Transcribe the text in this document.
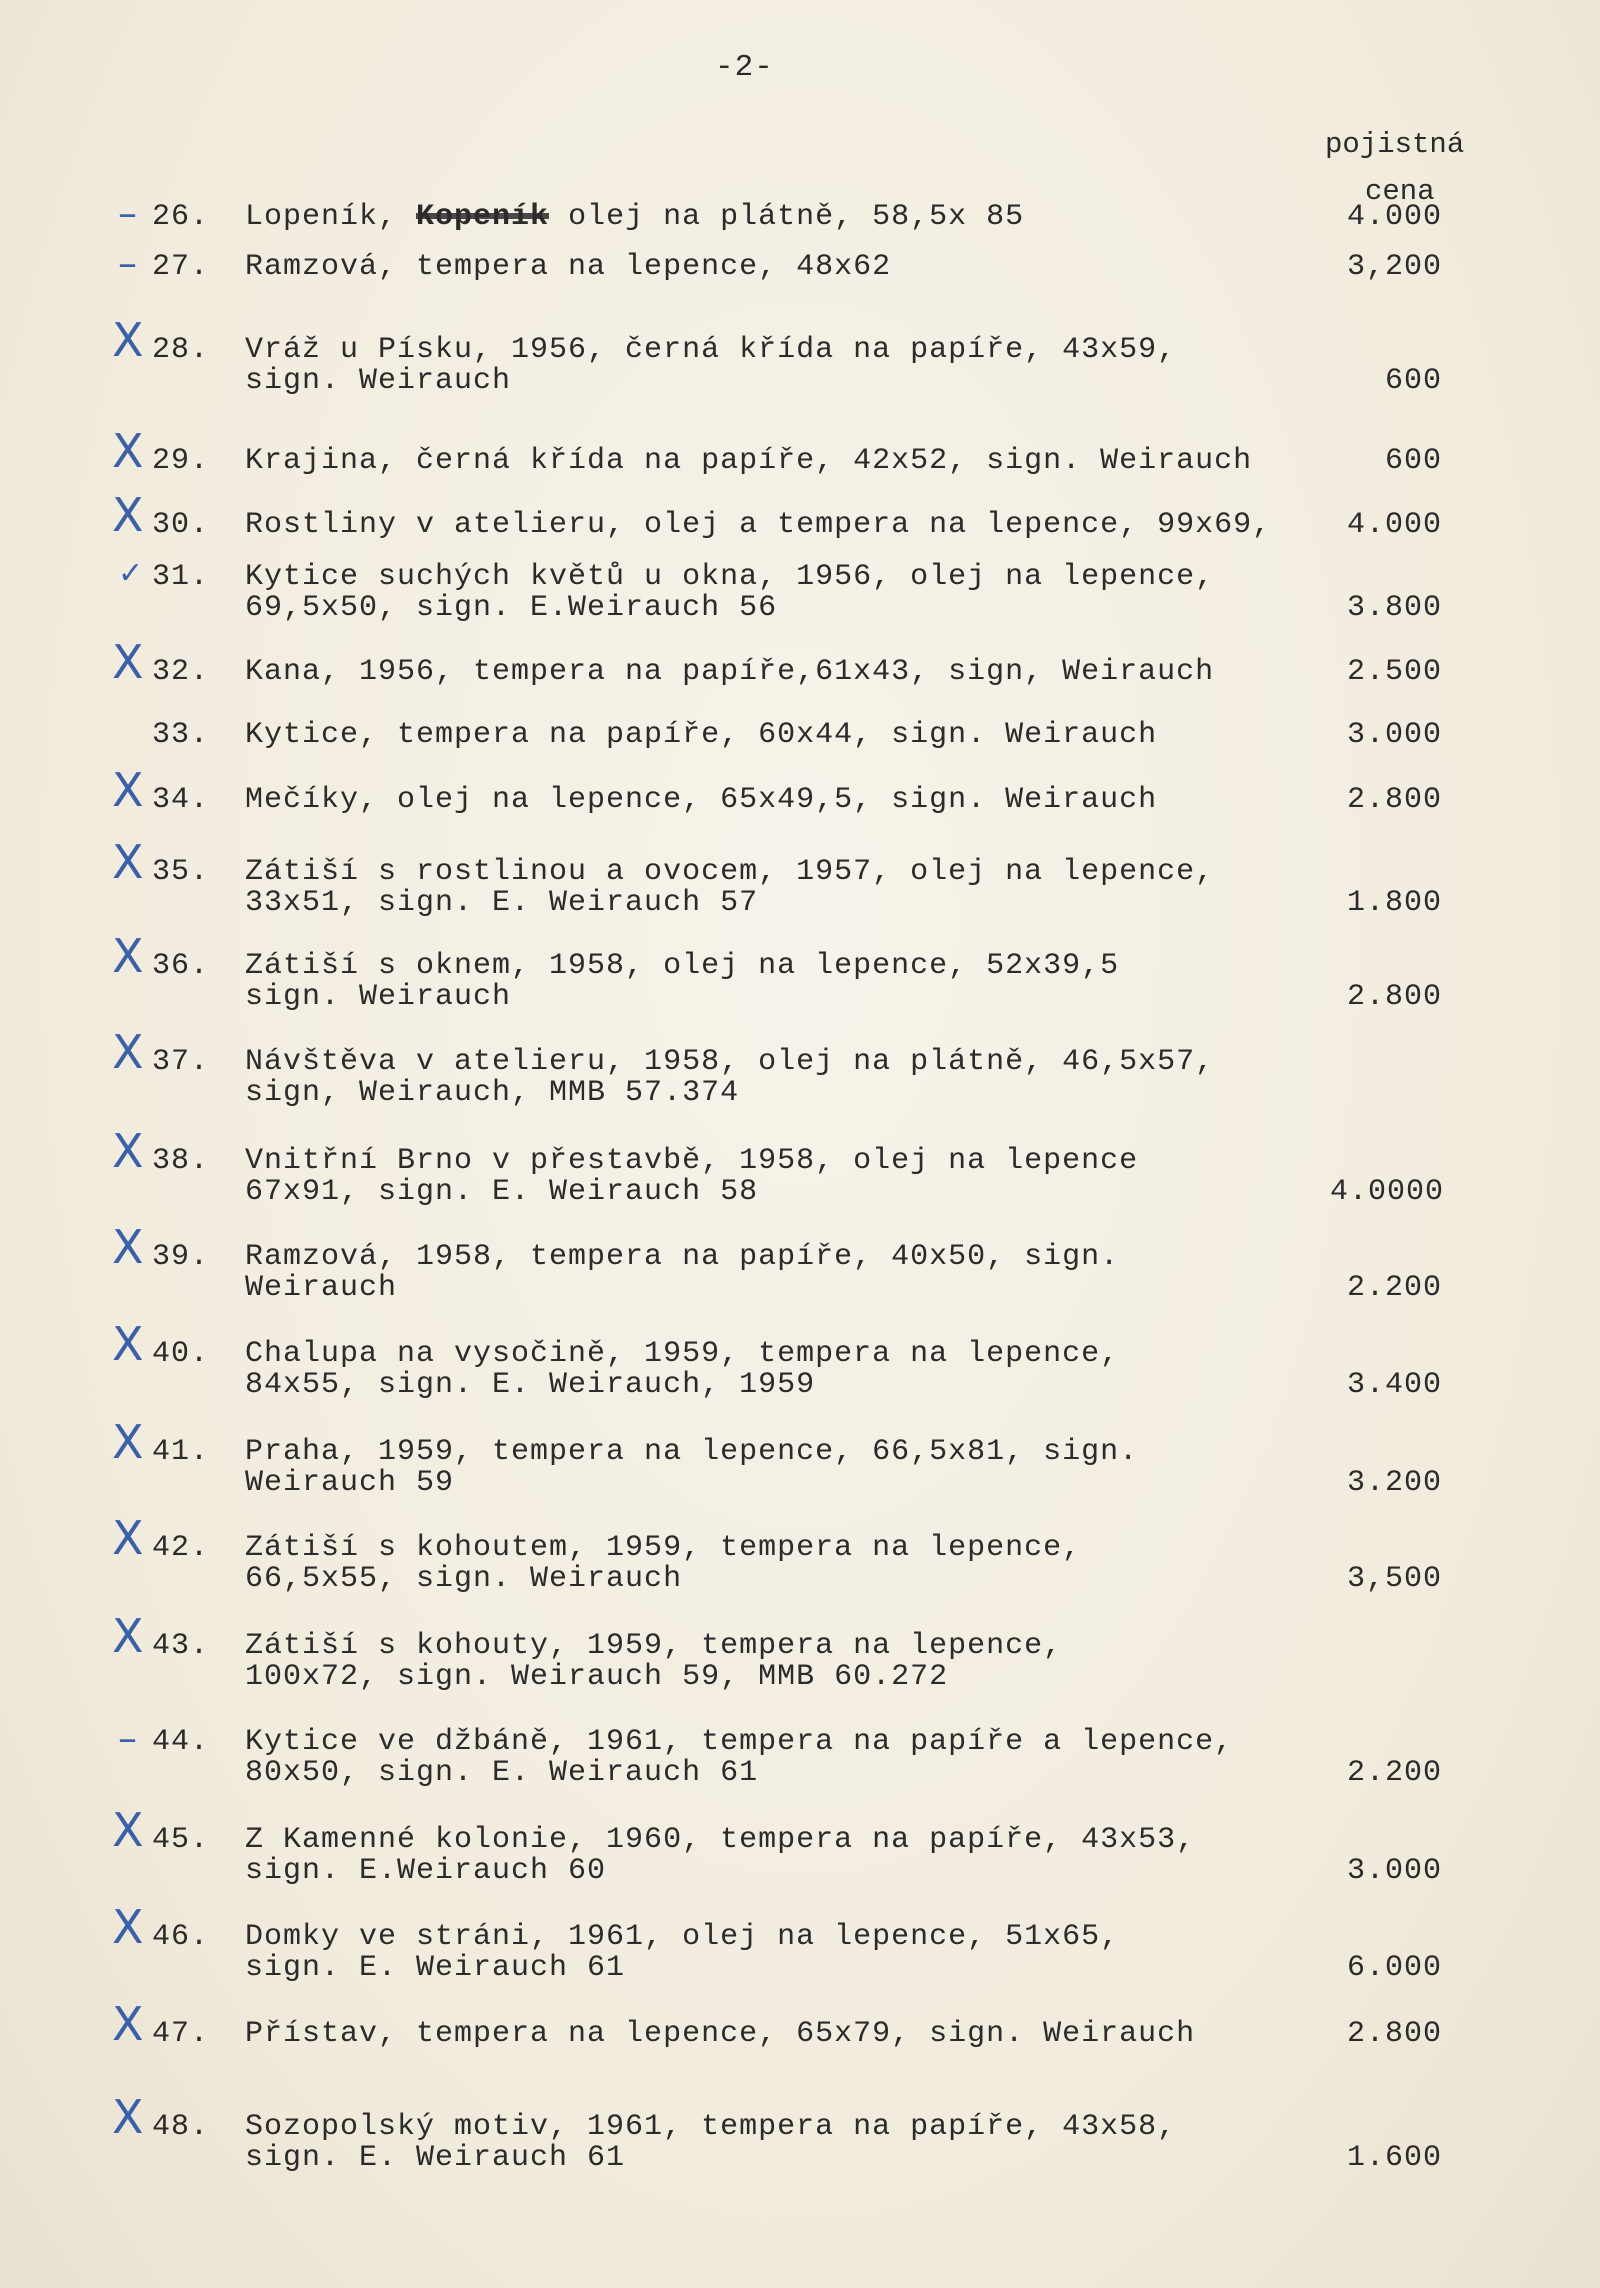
-2-
pojistná
cena
– 26. Lopeník,	olej na plátně, 58,5x 85	4.000
– 27. Ramzová, tempera na lepence, 48x62	3,200
X 28. Vráž u Písku, 1956, černá křída na papíře, 43x59,
sign. Weirauch	600
X 29. Krajina, černá křída na papíře, 42x52, sign. Weirauch	600
X 30. Rostliny v atelieru, olej a tempera na lepence, 99x69,	4.000
✓ 31. Kytice suchých květů u okna, 1956, olej na lepence,
69,5x50, sign. E.Weirauch 56	3.800
X 32. Kana, 1956, tempera na papíře,61x43, sign, Weirauch	2.500
33. Kytice, tempera na papíře, 60x44, sign. Weirauch	3.000
X 34. Mečíky, olej na lepence, 65x49,5, sign. Weirauch	2.800
X 35. Zátiší s rostlinou a ovocem, 1957, olej na lepence,
33x51, sign. E. Weirauch 57	1.800
X 36. Zátiší s oknem, 1958, olej na lepence, 52x39,5
sign. Weirauch	2.800
X 37. Návštěva v atelieru, 1958, olej na plátně, 46,5x57,
sign, Weirauch, MMB 57.374
X 38. Vnitřní Brno v přestavbě, 1958, olej na lepence
67x91, sign. E. Weirauch 58	4.0000
X 39. Ramzová, 1958, tempera na papíře, 40x50, sign.
Weirauch	2.200
X 40. Chalupa na vysočině, 1959, tempera na lepence,
84x55, sign. E. Weirauch, 1959	3.400
X 41. Praha, 1959, tempera na lepence, 66,5x81, sign.
Weirauch 59	3.200
X 42. Zátiší s kohoutem, 1959, tempera na lepence,
66,5x55, sign. Weirauch	3,500
X 43. Zátiší s kohouty, 1959, tempera na lepence,
100x72, sign. Weirauch 59, MMB 60.272
– 44. Kytice ve džbáně, 1961, tempera na papíře a lepence,
80x50, sign. E. Weirauch 61	2.200
X 45. Z Kamenné kolonie, 1960, tempera na papíře, 43x53,
sign. E.Weirauch 60	3.000
X 46. Domky ve stráni, 1961, olej na lepence, 51x65,
sign. E. Weirauch 61	6.000
X 47. Přístav, tempera na lepence, 65x79, sign. Weirauch	2.800
X 48. Sozopolský motiv, 1961, tempera na papíře, 43x58,
sign. E. Weirauch 61	1.600
